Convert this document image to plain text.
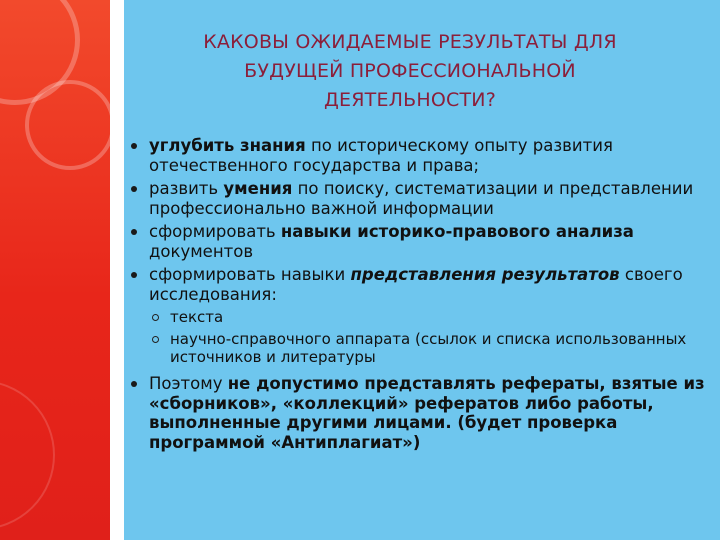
КАКОВЫ ОЖИДАЕМЫЕ РЕЗУЛЬТАТЫ ДЛЯ
БУДУЩЕЙ ПРОФЕССИОНАЛЬНОЙ
ДЕЯТЕЛЬНОСТИ?
углубить знания по историческому опыту развития отечественного государства и права;
развить умения по поиску, систематизации и представлении профессионально важной информации
сформировать навыки историко-правового анализа документов
сформировать навыки представления результатов своего исследования:
текста
научно-справочного аппарата (ссылок и списка использованных источников и литературы
Поэтому не допустимо представлять рефераты, взятые из «сборников», «коллекций» рефератов либо работы, выполненные другими лицами. (будет проверка программой «Антиплагиат»)
